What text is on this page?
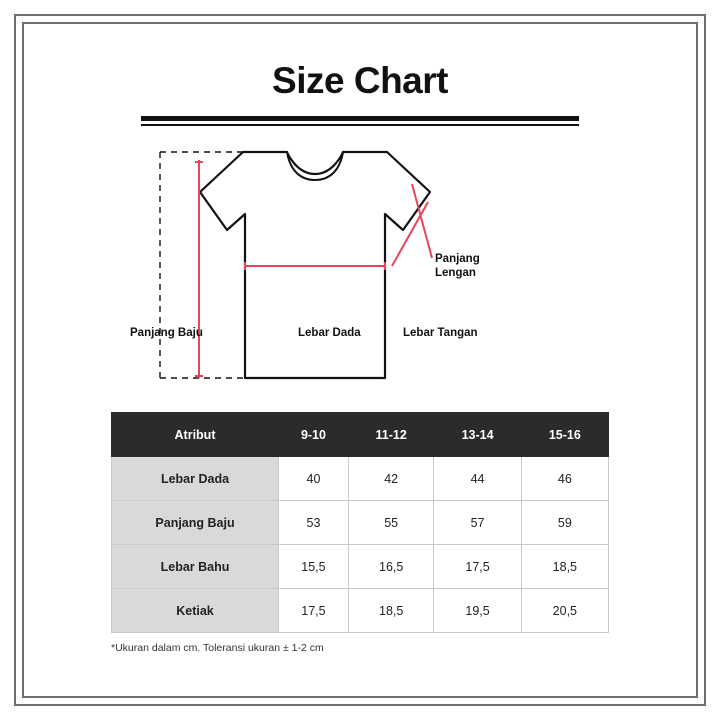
Size Chart
Panjang Baju	Lebar Dada	Lebar Tangan
Panjang
Lengan
Atribut	9-10	11-12	13-14	15-16
Lebar Dada	40	42	44	46
Panjang Baju	53	55	57	59
Lebar Bahu	15,5	16,5	17,5	18,5
Ketiak	17,5	18,5	19,5	20,5
*Ukuran dalam cm. Toleransi ukuran ± 1-2 cm
